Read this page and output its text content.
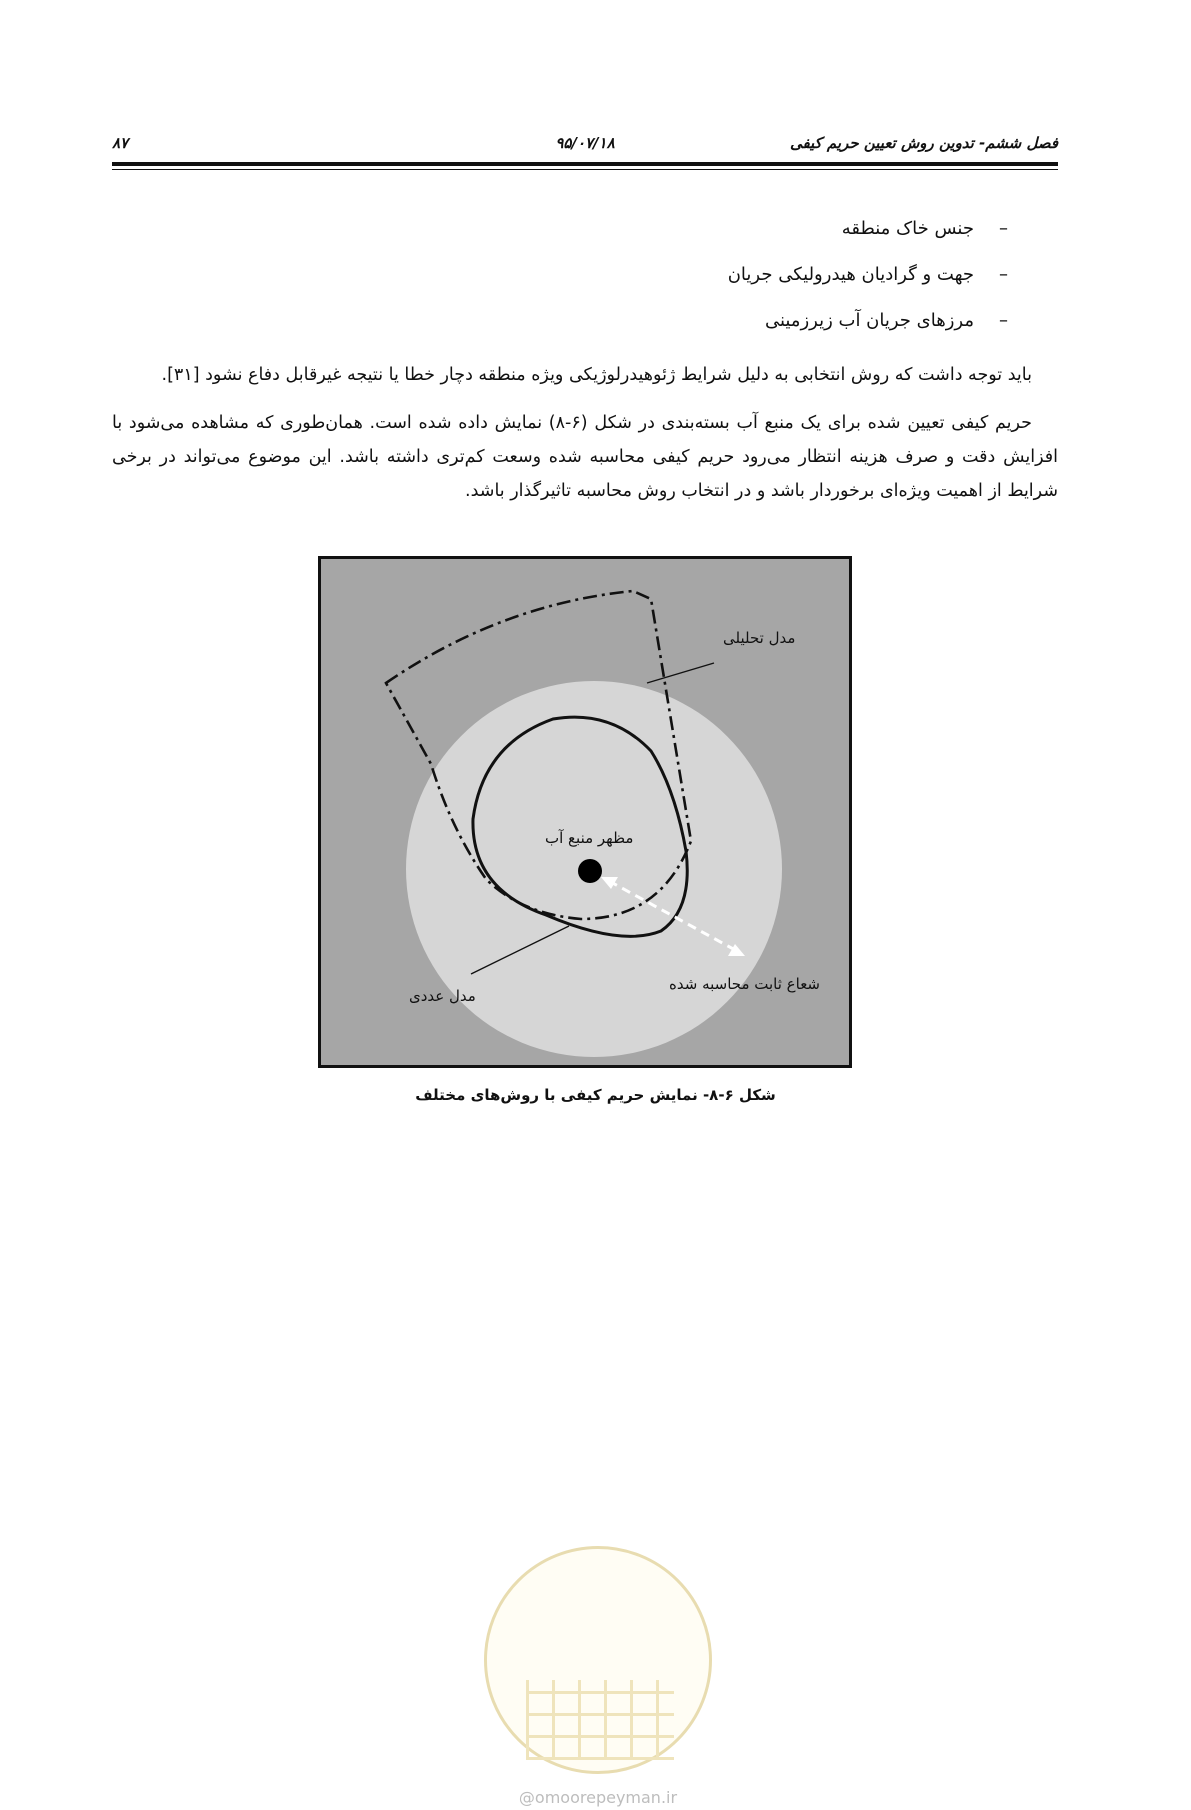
فصل ششم- تدوین روش تعیین حریم کیفی
۹۵/۰۷/۱۸
۸۷
–جنس خاک منطقه
–جهت و گرادیان هیدرولیکی جریان
–مرزهای جریان آب زیرزمینی

باید توجه داشت که روش انتخابی به دلیل شرایط ژئوهیدرلوژیکی ویژه منطقه دچار خطا یا نتیجه غیرقابل دفاع نشود [۳۱].

حریم کیفی تعیین شده برای یک منبع آب بسته‌بندی در شکل (۶-۸) نمایش داده شده است. همان‌طوری که مشاهده می‌شود با افزایش دقت و صرف هزینه انتظار می‌رود حریم کیفی محاسبه شده وسعت کم‌تری داشته باشد. این موضوع می‌تواند در برخی شرایط از اهمیت ویژه‌ای برخوردار باشد و در انتخاب روش محاسبه تاثیرگذار باشد.

مدل تحلیلی
مظهر منبع آب
شعاع ثابت محاسبه شده
مدل عددی
شکل ۶-۸- نمایش حریم کیفی با روش‌های مختلف
@omoorepeyman.ir
